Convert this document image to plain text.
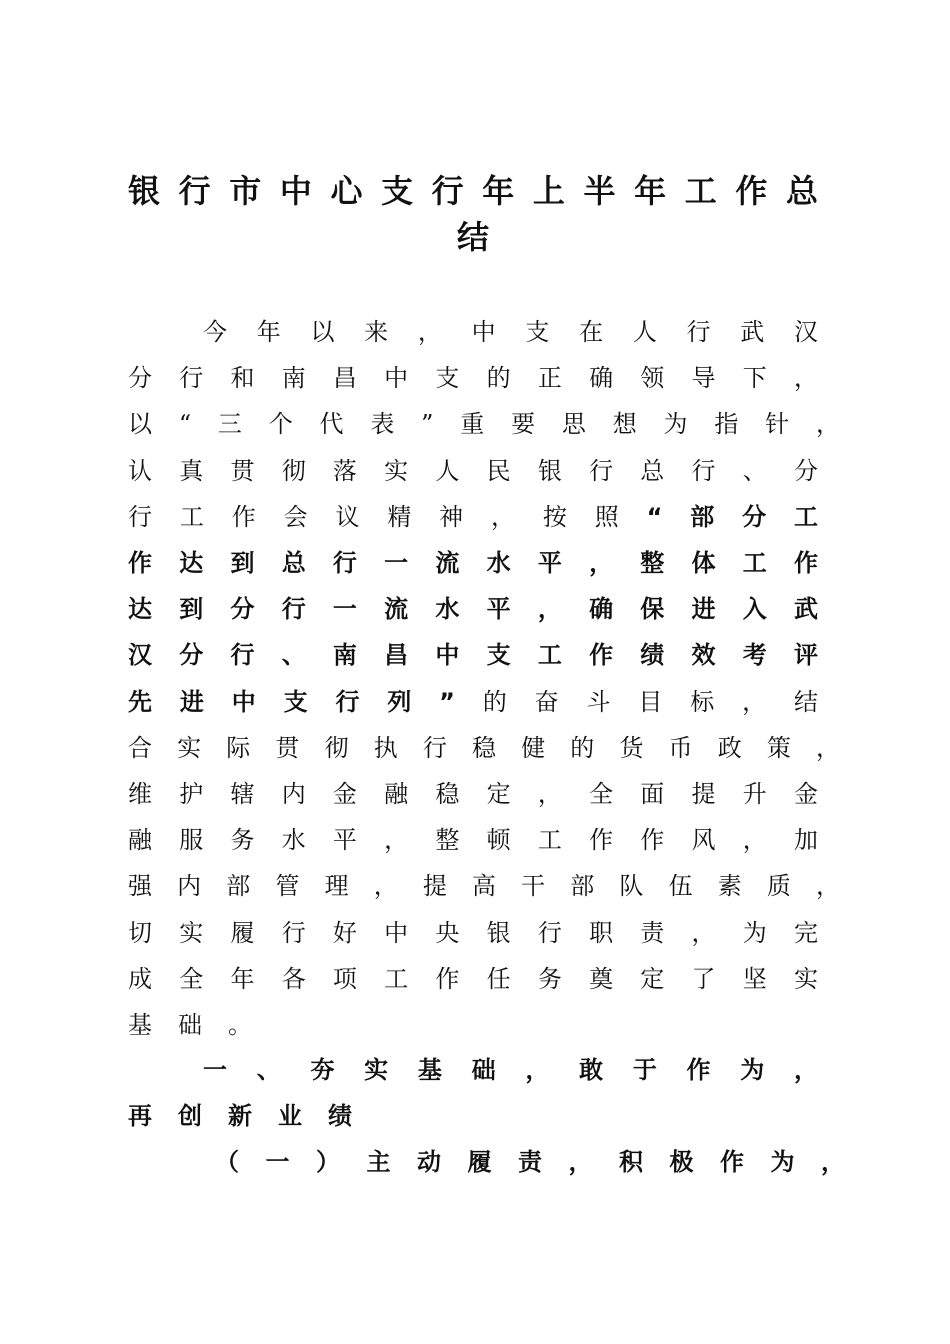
银行市中心支行年上半年工作总
结
今年以来，中支在人行武汉
分行和南昌中支的正确领导下，
以“三个代表”重要思想为指针，
认真贯彻落实人民银行总行、分
行工作会议精神，按照“部分工
作达到总行一流水平，整体工作
达到分行一流水平，确保进入武
汉分行、南昌中支工作绩效考评
先进中支行列”的奋斗目标，结
合实际贯彻执行稳健的货币政策，
维护辖内金融稳定，全面提升金
融服务水平，整顿工作作风，加
强内部管理，提高干部队伍素质，
切实履行好中央银行职责，为完
成全年各项工作任务奠定了坚实
基础。
一、夯实基础，敢于作为，
再创新业绩
（一）主动履责，积极作为，
